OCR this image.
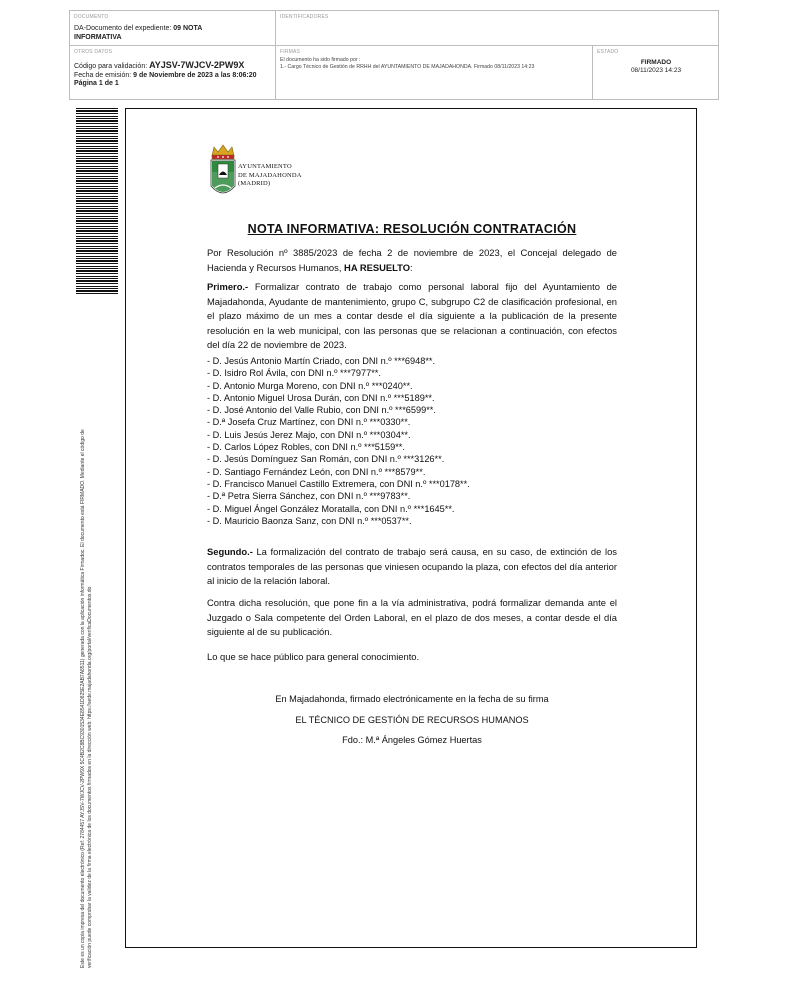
DOCUMENTO
DA-Documento del expediente: 09 NOTA
INFORMATIVA
IDENTIFICADORES
OTROS DATOS
Código para validación: AYJSV-7WJCV-2PW9X
Fecha de emisión: 9 de Noviembre de 2023 a las 8:06:20
Página 1 de 1
FIRMAS
El documento ha sido firmado por :
1.- Cargo Técnico de Gestión de RRHH del AYUNTAMIENTO DE MAJADAHONDA. Firmado 08/11/2023 14:23
ESTADO
FIRMADO
08/11/2023 14:23
Este es un copia impresa del documento electrónico (Ref: 2784457 AYJSV-7WJCV-2PW9X 5C4B2C8BC9301534E8541D825E2AB7A8511) generada con la aplicación informática Firmadoc. El documento está FIRMADO. Mediante el código de verificación puede comprobar la validez de la firma electrónica de los documentos firmados en la dirección web: https://sede.majadahonda.org/portal/verificaDocumentos.do
AYUNTAMIENTO
DE MAJADAHONDA
(MADRID)
NOTA INFORMATIVA: RESOLUCIÓN CONTRATACIÓN
Por Resolución nº 3885/2023 de fecha 2 de noviembre de 2023, el Concejal delegado de Hacienda y Recursos Humanos, HA RESUELTO:
Primero.- Formalizar contrato de trabajo como personal laboral fijo del Ayuntamiento de Majadahonda, Ayudante de mantenimiento, grupo C, subgrupo C2 de clasificación profesional, en el plazo máximo de un mes a contar desde el día siguiente a la publicación de la presente resolución en la web municipal, con las personas que se relacionan a continuación, con efectos del día 22 de noviembre de 2023.
- D. Jesús Antonio Martín Criado, con DNI n.º ***6948**.
- D. Isidro Rol Ávila, con DNI n.º ***7977**.
- D. Antonio Murga Moreno, con DNI n.º ***0240**.
- D. Antonio Miguel Urosa Durán, con DNI n.º ***5189**.
- D. José Antonio del Valle Rubio, con DNI n.º ***6599**.
- D.ª Josefa Cruz Martínez, con DNI n.º ***0330**.
- D. Luis Jesús Jerez Majo, con DNI n.º ***0304**.
- D. Carlos López Robles, con DNI n.º ***5159**.
- D. Jesús Domínguez San Román, con DNI n.º ***3126**.
- D. Santiago Fernández León, con DNI n.º ***8579**.
- D. Francisco Manuel Castillo Extremera, con DNI n.º ***0178**.
- D.ª Petra Sierra Sánchez, con DNI n.º ***9783**.
- D. Miguel Ángel González Moratalla, con DNI n.º ***1645**.
- D. Mauricio Baonza Sanz, con DNI n.º ***0537**.
Segundo.- La formalización del contrato de trabajo será causa, en su caso, de extinción de los contratos temporales de las personas que viniesen ocupando la plaza, con efectos del día anterior al inicio de la relación laboral.
Contra dicha resolución, que pone fin a la vía administrativa, podrá formalizar demanda ante el Juzgado o Sala competente del Orden Laboral, en el plazo de dos meses, a contar desde el día siguiente al de su publicación.
Lo que se hace público para general conocimiento.
En Majadahonda, firmado electrónicamente en la fecha de su firma
EL TÉCNICO DE GESTIÓN DE RECURSOS HUMANOS
Fdo.: M.ª Ángeles Gómez Huertas
